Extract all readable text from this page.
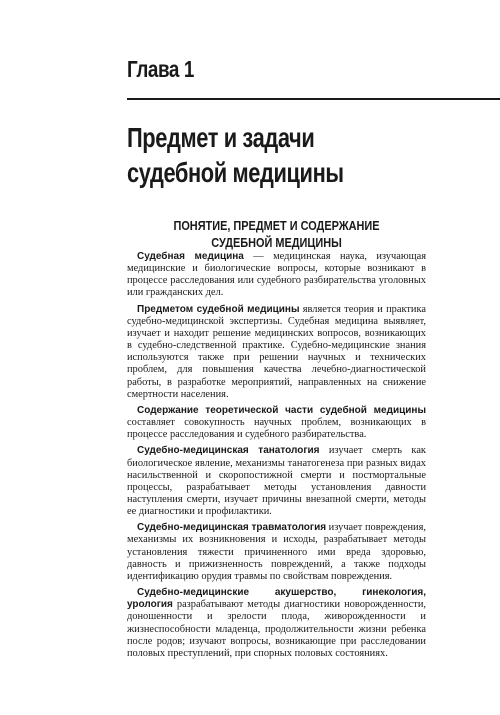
Глава 1
Предмет и задачи
судебной медицины
ПОНЯТИЕ, ПРЕДМЕТ И СОДЕРЖАНИЕ
СУДЕБНОЙ МЕДИЦИНЫ

Судебная медицина — медицинская наука, изучающая медицинские и биологические вопросы, которые возникают в процессе расследования или судебного разбирательства уголовных или гражданских дел.

Предметом судебной медицины является теория и практика судебно-медицинской экспертизы. Судебная медицина выявляет, изучает и находит решение медицинских вопросов, возникающих в судебно-следственной практике. Судебно-медицинские знания используются также при решении научных и технических проблем, для повышения качества лечебно-диагностической работы, в разработке мероприятий, направленных на снижение смертности населения.

Содержание теоретической части судебной медицины составляет совокупность научных проблем, возникающих в процессе расследования и судебного разбирательства.

Судебно-медицинская танатология изучает смерть как биологическое явление, механизмы танатогенеза при разных видах насильственной и скоропостижной смерти и постмортальные процессы, разрабатывает методы установления давности наступления смерти, изучает причины внезапной смерти, методы ее диагностики и профилактики.

Судебно-медицинская травматология изучает повреждения, механизмы их возникновения и исходы, разрабатывает методы установления тяжести причиненного ими вреда здоровью, давность и прижизненность повреждений, а также подходы идентификацию орудия травмы по свойствам повреждения.

Судебно-медицинские акушерство, гинекология, урология разрабатывают методы диагностики новорожденности, доношенности и зрелости плода, живорожденности и жизнеспособности младенца, продолжительности жизни ребенка после родов; изучают вопросы, возникающие при расследовании половых преступлений, при спорных половых состояниях.
